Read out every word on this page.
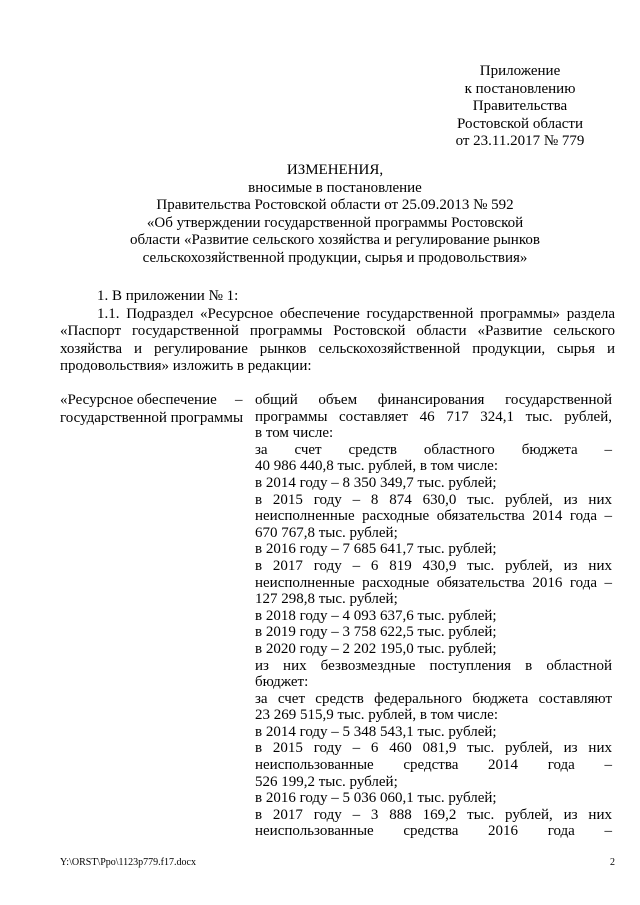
Приложение
к постановлению
Правительства
Ростовской области
от 23.11.2017 № 779
ИЗМЕНЕНИЯ,
вносимые в постановление
Правительства Ростовской области от 25.09.2013 № 592
«Об утверждении государственной программы Ростовской
области «Развитие сельского хозяйства и регулирование рынков
сельскохозяйственной продукции, сырья и продовольствия»

1. В приложении № 1:

1.1. Подраздел «Ресурсное обеспечение государственной программы» раздела «Паспорт государственной программы Ростовской области «Развитие сельского хозяйства и регулирование рынков сельскохозяйственной продукции, сырья и продовольствия» изложить в редакции:

«Ресурсное обеспечение
государственной программы
– общий объем финансирования государственной
программы составляет 46 717 324,1 тыс. рублей,
в том числе:
за счет средств областного бюджета –
40 986 440,8 тыс. рублей, в том числе:
в 2014 году – 8 350 349,7 тыс. рублей;
в 2015 году – 8 874 630,0 тыс. рублей, из них
неисполненные расходные обязательства 2014 года –
670 767,8 тыс. рублей;
в 2016 году – 7 685 641,7 тыс. рублей;
в 2017 году – 6 819 430,9 тыс. рублей, из них
неисполненные расходные обязательства 2016 года –
127 298,8 тыс. рублей;
в 2018 году – 4 093 637,6 тыс. рублей;
в 2019 году – 3 758 622,5 тыс. рублей;
в 2020 году – 2 202 195,0 тыс. рублей;
из них безвозмездные поступления в областной
бюджет:
за счет средств федерального бюджета составляют
23 269 515,9 тыс. рублей, в том числе:
в 2014 году – 5 348 543,1 тыс. рублей;
в 2015 году – 6 460 081,9 тыс. рублей, из них
неиспользованные средства 2014 года –
526 199,2 тыс. рублей;
в 2016 году – 5 036 060,1 тыс. рублей;
в 2017 году – 3 888 169,2 тыс. рублей, из них
неиспользованные средства 2016 года –
Y:\ORST\Ppo\1123p779.f17.docx	2
